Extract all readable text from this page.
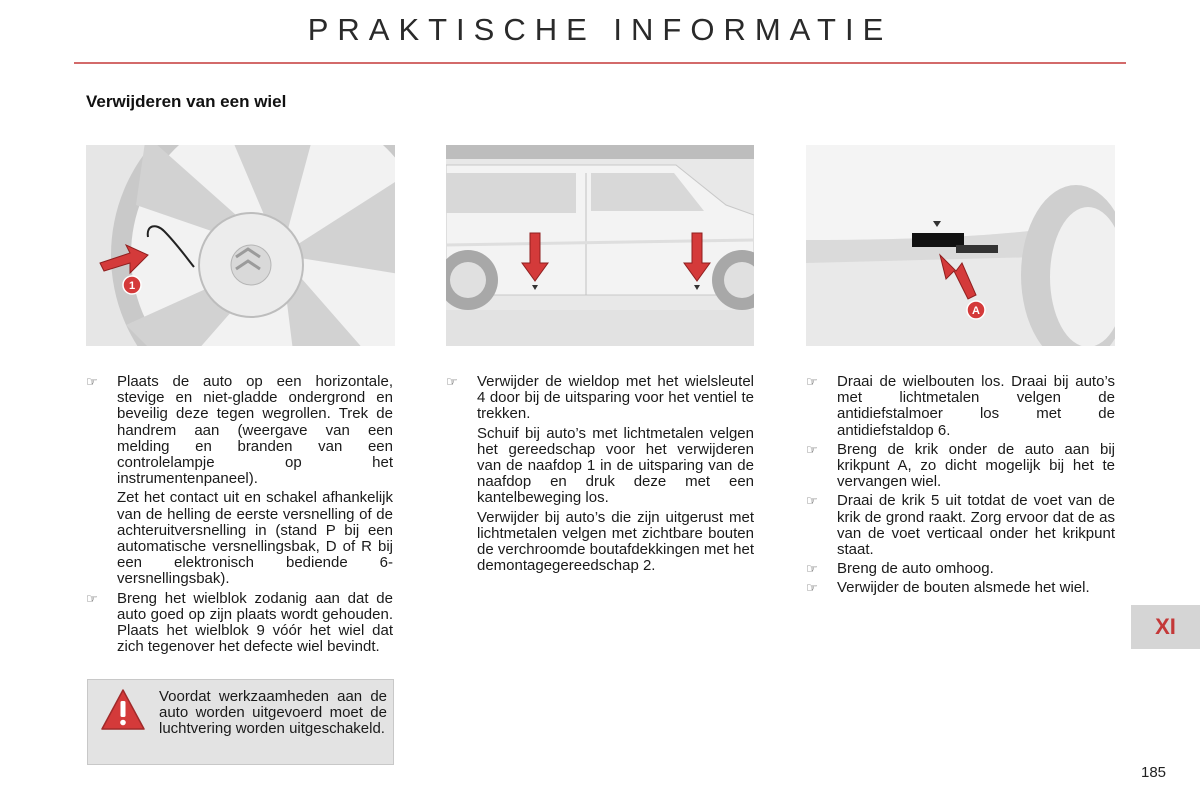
PRAKTISCHE INFORMATIE
Verwijderen van een wiel
1
A

☞	Plaats de auto op een horizontale, stevige en niet-gladde ondergrond en beveilig deze tegen wegrollen. Trek de handrem aan (weergave van een melding en branden van een controlelampje op het instrumentenpaneel).

Zet het contact uit en schakel afhankelijk van de helling de eerste versnelling of de achteruitversnelling in (stand P bij een automatische versnellingsbak, D of R bij een elektronisch bediende 6-versnellingsbak).

☞	Breng het wielblok zodanig aan dat de auto goed op zijn plaats wordt gehouden. Plaats het wielblok 9 vóór het wiel dat zich tegenover het defecte wiel bevindt.

☞	Verwijder de wieldop met het wielsleutel 4 door bij de uitsparing voor het ventiel te trekken.

Schuif bij auto’s met lichtmetalen velgen het gereedschap voor het verwijderen van de naafdop 1 in de uitsparing van de naafdop en druk deze met een kantelbeweging los.

Verwijder bij auto’s die zijn uitgerust met lichtmetalen velgen met zichtbare bouten de verchroomde boutafdekkingen met het demontagegereedschap 2.

☞	Draai de wielbouten los. Draai bij auto’s met lichtmetalen velgen de antidiefstalmoer los met de antidiefstaldop 6.

☞	Breng de krik onder de auto aan bij krikpunt A, zo dicht mogelijk bij het te vervangen wiel.

☞	Draai de krik 5 uit totdat de voet van de krik de grond raakt. Zorg ervoor dat de as van de voet verticaal onder het krikpunt staat.

☞	Breng de auto omhoog.

☞	Verwijder de bouten alsmede het wiel.

Voordat werkzaamheden aan de auto worden uitgevoerd moet de luchtvering worden uitgeschakeld.
XI
185
